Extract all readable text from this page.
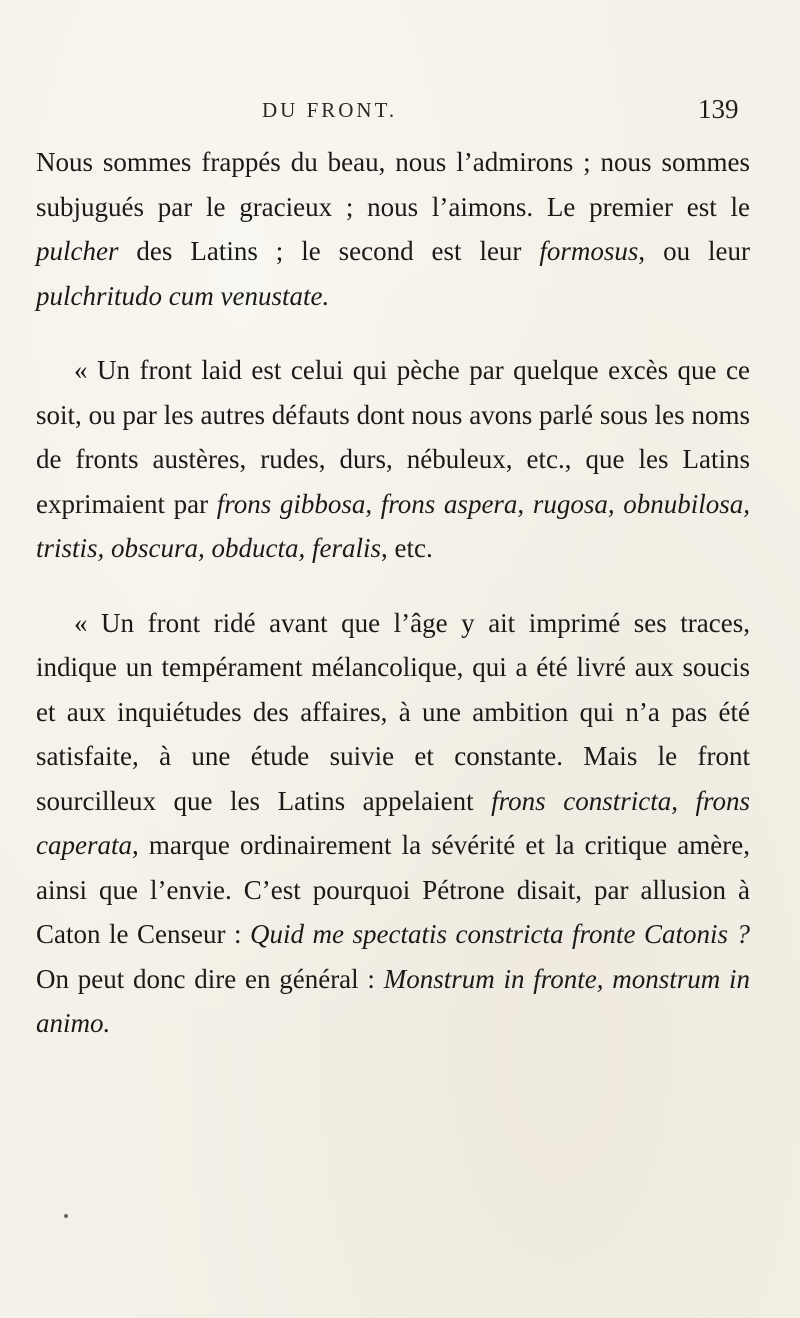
DU FRONT.	139

Nous sommes frappés du beau, nous l’admirons ; nous sommes subjugués par le gracieux ; nous l’aimons. Le premier est le pulcher des Latins ; le second est leur formosus, ou leur pulchritudo cum venustate.

« Un front laid est celui qui pèche par quelque excès que ce soit, ou par les autres défauts dont nous avons parlé sous les noms de fronts austères, rudes, durs, nébuleux, etc., que les Latins exprimaient par frons gibbosa, frons aspera, rugosa, obnubilosa, tristis, obscura, obducta, feralis, etc.

« Un front ridé avant que l’âge y ait imprimé ses traces, indique un tempérament mélancolique, qui a été livré aux soucis et aux inquiétudes des affaires, à une ambition qui n’a pas été satisfaite, à une étude suivie et constante. Mais le front sourcilleux que les Latins appelaient frons constricta, frons caperata, marque ordinairement la sévérité et la critique amère, ainsi que l’envie. C’est pourquoi Pétrone disait, par allusion à Caton le Censeur : Quid me spectatis constricta fronte Catonis ? On peut donc dire en général : Monstrum in fronte, monstrum in animo.
